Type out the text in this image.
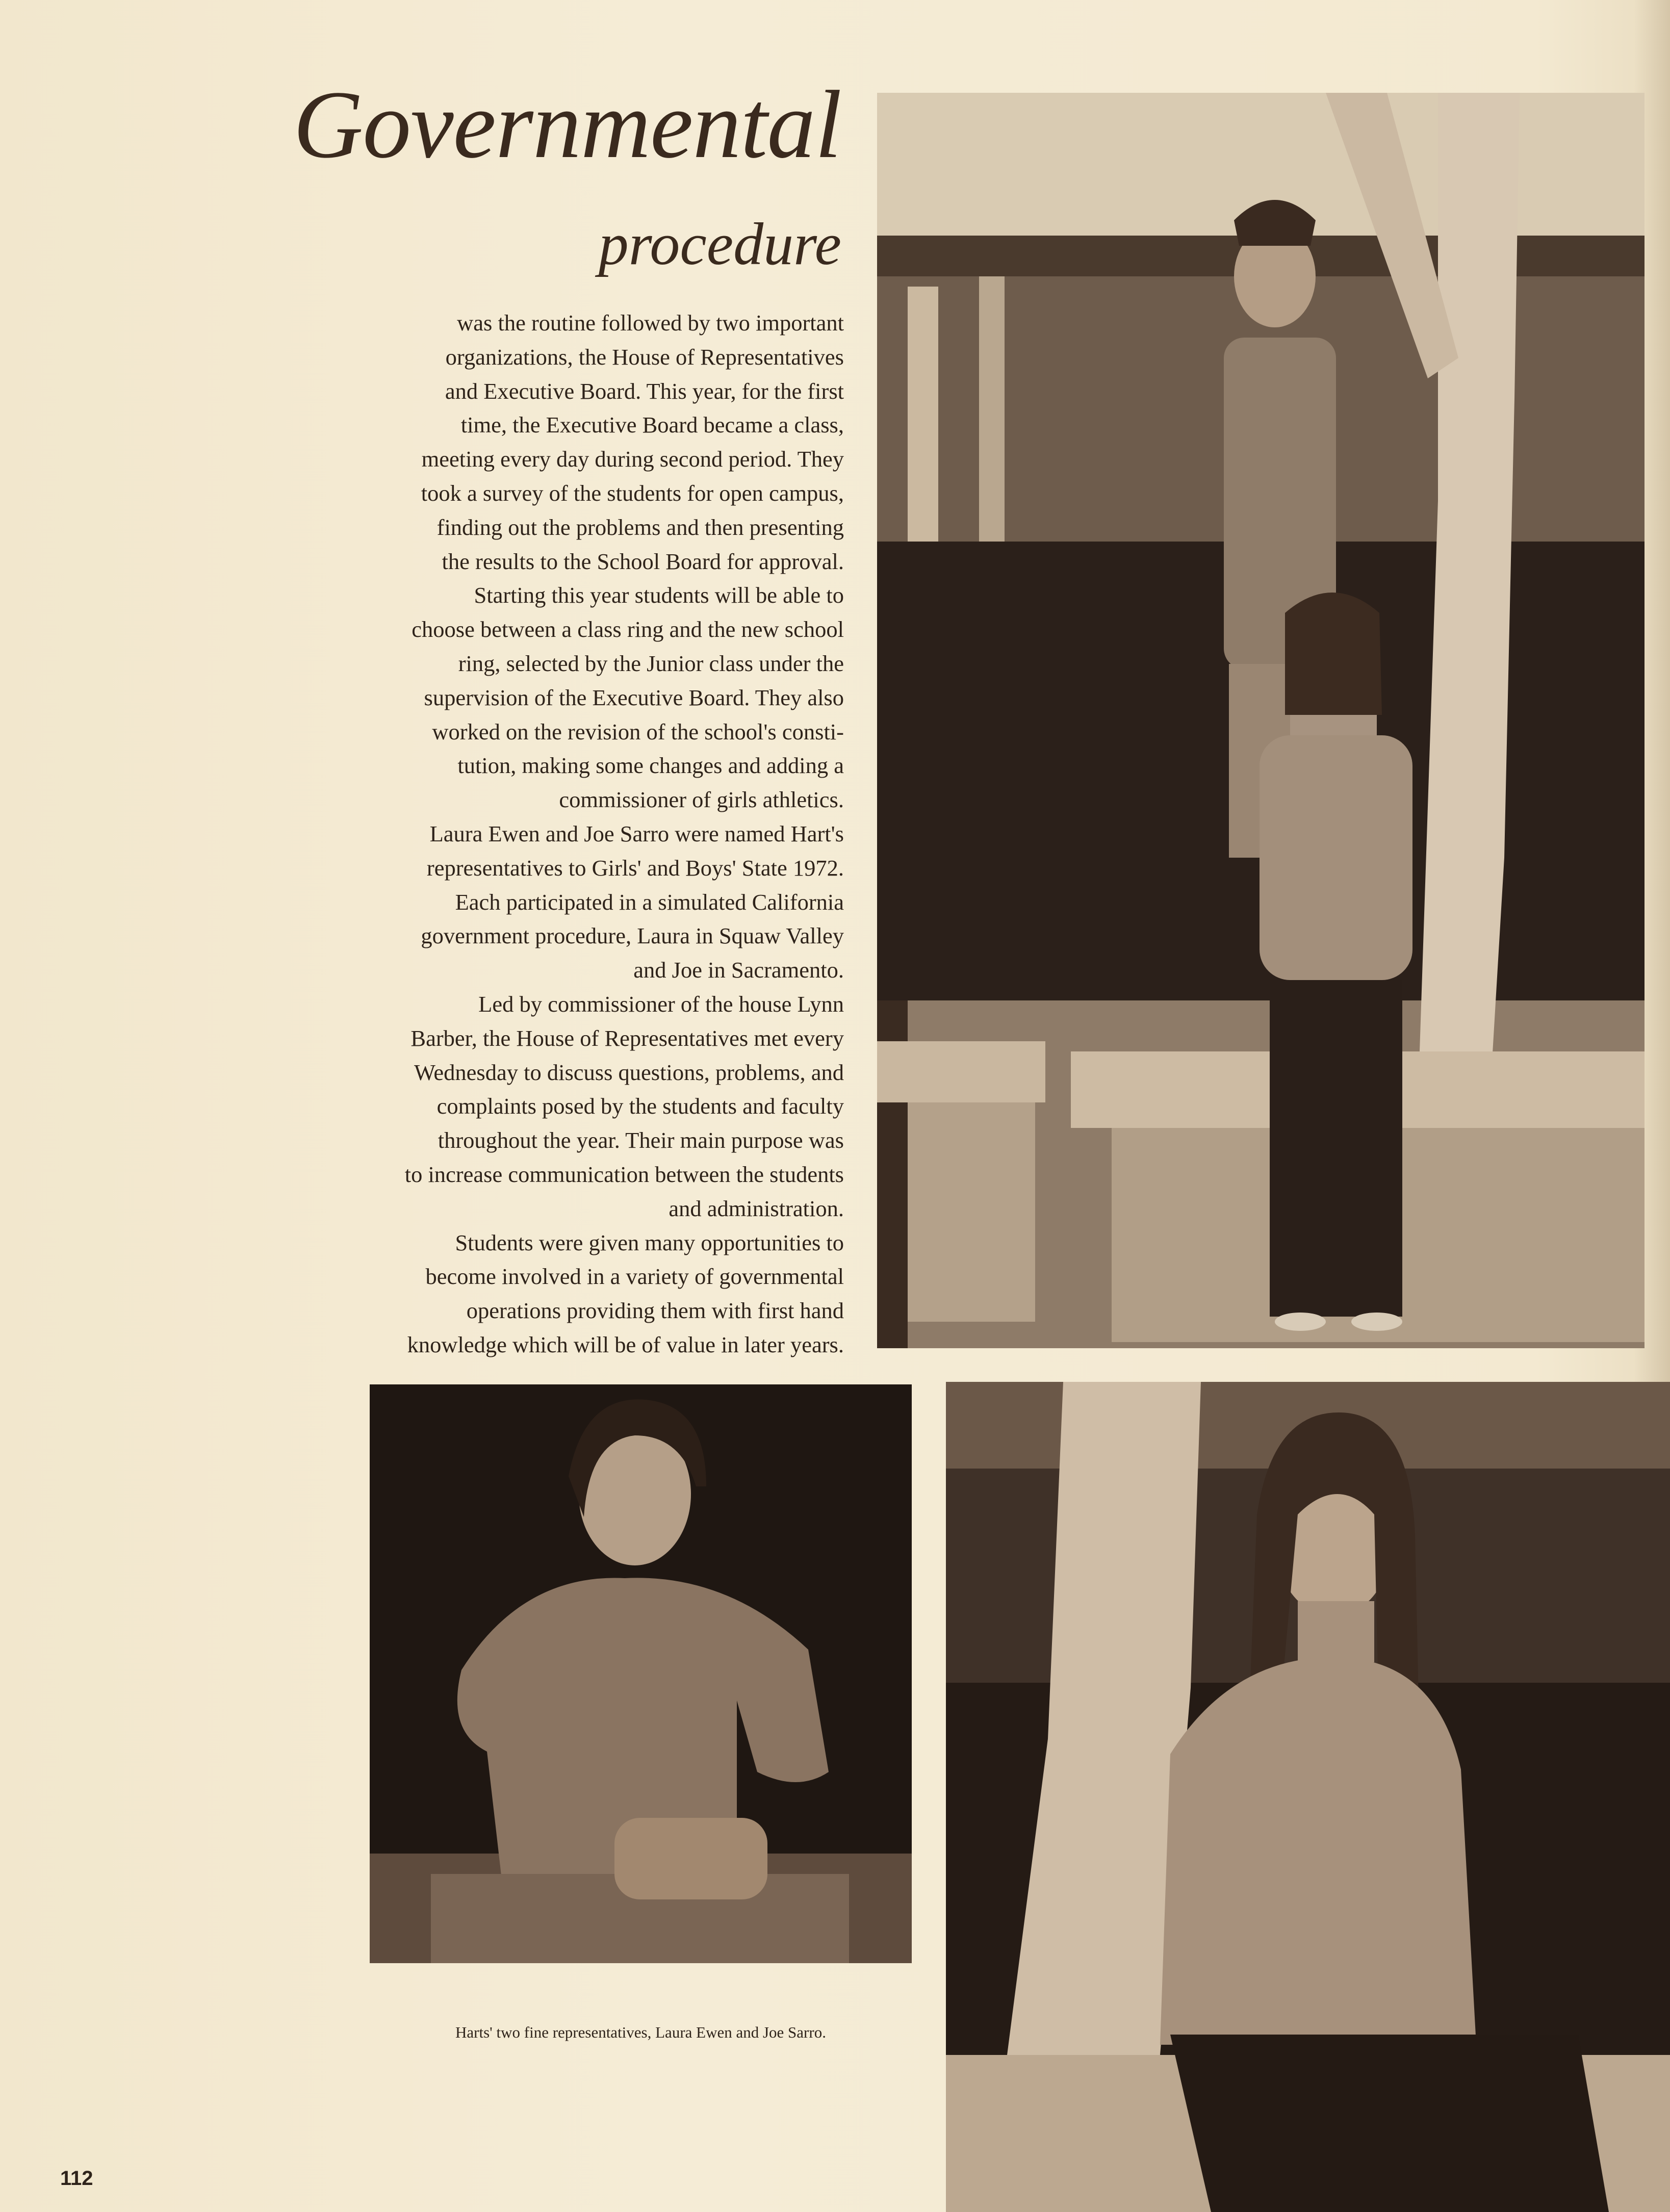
Governmental
procedure
was the routine followed by two important
organizations, the House of Representatives
and Executive Board. This year, for the first
time, the Executive Board became a class,
meeting every day during second period. They
took a survey of the students for open campus,
finding out the problems and then presenting
the results to the School Board for approval.
Starting this year students will be able to
choose between a class ring and the new school
ring, selected by the Junior class under the
supervision of the Executive Board. They also
worked on the revision of the school's consti-
tution, making some changes and adding a
commissioner of girls athletics.
Laura Ewen and Joe Sarro were named Hart's
representatives to Girls' and Boys' State 1972.
Each participated in a simulated California
government procedure, Laura in Squaw Valley
and Joe in Sacramento.
Led by commissioner of the house Lynn
Barber, the House of Representatives met every
Wednesday to discuss questions, problems, and
complaints posed by the students and faculty
throughout the year. Their main purpose was
to increase communication between the students
and administration.
Students were given many opportunities to
become involved in a variety of governmental
operations providing them with first hand
knowledge which will be of value in later years.
Harts' two fine representatives, Laura Ewen and Joe Sarro.
112
